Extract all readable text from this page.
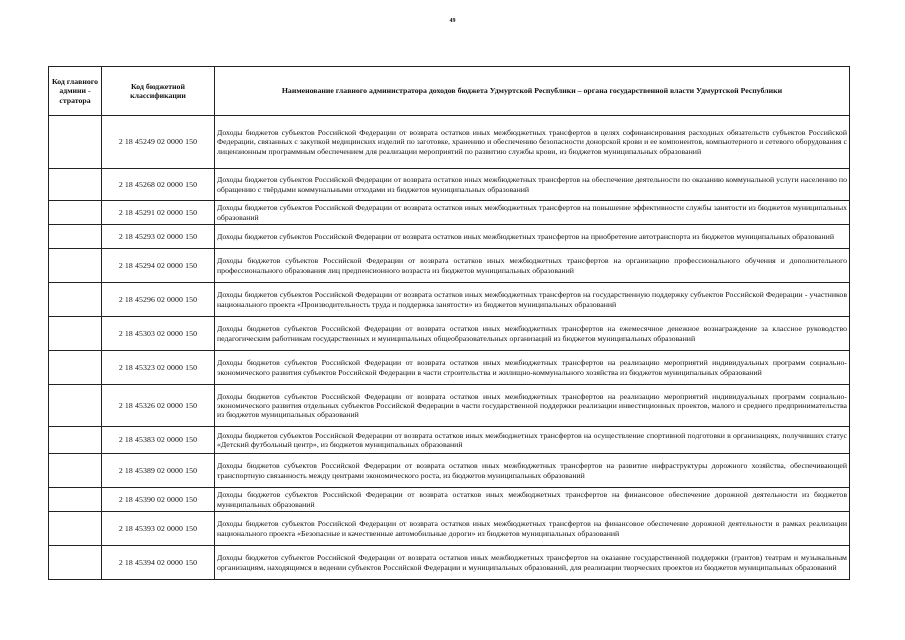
49
Код главного админи - стратора	Код бюджетной классификации	Наименование главного администратора доходов бюджета Удмуртской Республики – органа государственной власти Удмуртской Республики
	2 18 45249 02 0000 150	Доходы бюджетов субъектов Российской Федерации от возврата остатков иных межбюджетных трансфертов в целях софинансирования расходных обязательств субъектов Российской Федерации, связанных с закупкой медицинских изделий по заготовке, хранению и обеспечению безопасности донорской крови и ее компонентов, компьютерного и сетевого оборудования с лицензионным программным обеспечением для реализации мероприятий по развитию службы крови, из бюджетов муниципальных образований
	2 18 45268 02 0000 150	Доходы бюджетов субъектов Российской Федерации от возврата остатков иных межбюджетных трансфертов на обеспечение деятельности по оказанию коммунальной услуги населению по обращению с твёрдыми коммунальными отходами из бюджетов муниципальных образований
	2 18 45291 02 0000 150	Доходы бюджетов субъектов Российской Федерации от возврата остатков иных межбюджетных трансфертов на повышение эффективности службы занятости из бюджетов муниципальных образований
	2 18 45293 02 0000 150	Доходы бюджетов субъектов Российской Федерации от возврата остатков иных межбюджетных трансфертов на приобретение автотранспорта из бюджетов муниципальных образований
	2 18 45294 02 0000 150	Доходы бюджетов субъектов Российской Федерации от возврата остатков иных межбюджетных трансфертов на организацию профессионального обучения и дополнительного профессионального образования лиц предпенсионного возраста из бюджетов муниципальных образований
	2 18 45296 02 0000 150	Доходы бюджетов субъектов Российской Федерации от возврата остатков иных межбюджетных трансфертов на государственную поддержку субъектов Российской Федерации - участников национального проекта «Производительность труда и поддержка занятости» из бюджетов муниципальных образований
	2 18 45303 02 0000 150	Доходы бюджетов субъектов Российской Федерации от возврата остатков иных межбюджетных трансфертов на ежемесячное денежное вознаграждение за классное руководство педагогическим работникам государственных и муниципальных общеобразовательных организаций из бюджетов муниципальных образований
	2 18 45323 02 0000 150	Доходы бюджетов субъектов Российской Федерации от возврата остатков иных межбюджетных трансфертов на реализацию мероприятий индивидуальных программ социально-экономического развития субъектов Российской Федерации в части строительства и жилищно-коммунального хозяйства из бюджетов муниципальных образований
	2 18 45326 02 0000 150	Доходы бюджетов субъектов Российской Федерации от возврата остатков иных межбюджетных трансфертов на реализацию мероприятий индивидуальных программ социально-экономического развития отдельных субъектов Российской Федерации в части государственной поддержки реализации инвестиционных проектов, малого и среднего предпринимательства из бюджетов муниципальных образований
	2 18 45383 02 0000 150	Доходы бюджетов субъектов Российской Федерации от возврата остатков иных межбюджетных трансфертов на осуществление спортивной подготовки в организациях, получивших статус «Детский футбольный центр», из бюджетов муниципальных образований
	2 18 45389 02 0000 150	Доходы бюджетов субъектов Российской Федерации от возврата остатков иных межбюджетных трансфертов на развитие инфраструктуры дорожного хозяйства, обеспечивающей транспортную связанность между центрами экономического роста, из бюджетов муниципальных образований
	2 18 45390 02 0000 150	Доходы бюджетов субъектов Российской Федерации от возврата остатков иных межбюджетных трансфертов на финансовое обеспечение дорожной деятельности из бюджетов муниципальных образований
	2 18 45393 02 0000 150	Доходы бюджетов субъектов Российской Федерации от возврата остатков иных межбюджетных трансфертов на финансовое обеспечение дорожной деятельности в рамках реализации национального проекта «Безопасные и качественные автомобильные дороги» из бюджетов муниципальных образований
	2 18 45394 02 0000 150	Доходы бюджетов субъектов Российской Федерации от возврата остатков иных межбюджетных трансфертов на оказание государственной поддержки (грантов) театрам и музыкальным организациям, находящимся в ведении субъектов Российской Федерации и муниципальных образований, для реализации творческих проектов из бюджетов муниципальных образований
